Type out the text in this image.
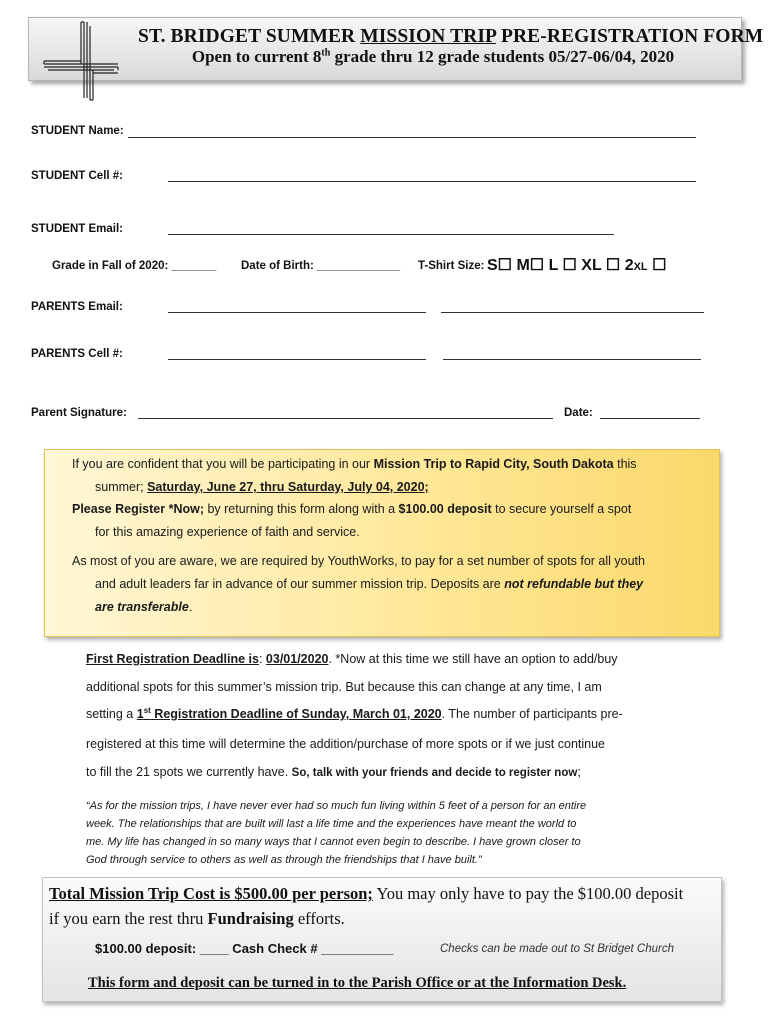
ST. BRIDGET SUMMER MISSION TRIP PRE-REGISTRATION FORM
Open to current 8th grade thru 12 grade students 05/27-06/04, 2020
STUDENT Name:
STUDENT Cell #:
STUDENT Email:
Grade in Fall of 2020: _______ Date of Birth: _____________ T-Shirt Size: S☐ M☐ L ☐ XL ☐ 2XL ☐
PARENTS Email:
PARENTS Cell #:
Parent Signature:	Date:
If you are confident that you will be participating in our Mission Trip to Rapid City, South Dakota this
summer; Saturday, June 27, thru Saturday, July 04, 2020;
Please Register *Now; by returning this form along with a $100.00 deposit to secure yourself a spot
for this amazing experience of faith and service.
As most of you are aware, we are required by YouthWorks, to pay for a set number of spots for all youth
and adult leaders far in advance of our summer mission trip. Deposits are not refundable but they
are transferable.
First Registration Deadline is: 03/01/2020. *Now at this time we still have an option to add/buy
additional spots for this summer’s mission trip. But because this can change at any time, I am
setting a 1st Registration Deadline of Sunday, March 01, 2020. The number of participants pre-
registered at this time will determine the addition/purchase of more spots or if we just continue
to fill the 21 spots we currently have. So, talk with your friends and decide to register now;
“As for the mission trips, I have never ever had so much fun living within 5 feet of a person for an entire
week. The relationships that are built will last a life time and the experiences have meant the world to
me. My life has changed in so many ways that I cannot even begin to describe. I have grown closer to
God through service to others as well as through the friendships that I have built.”
Total Mission Trip Cost is $500.00 per person; You may only have to pay the $100.00 deposit
if you earn the rest thru Fundraising efforts.
$100.00 deposit: ____ Cash Check # __________	Checks can be made out to St Bridget Church
This form and deposit can be turned in to the Parish Office or at the Information Desk.
